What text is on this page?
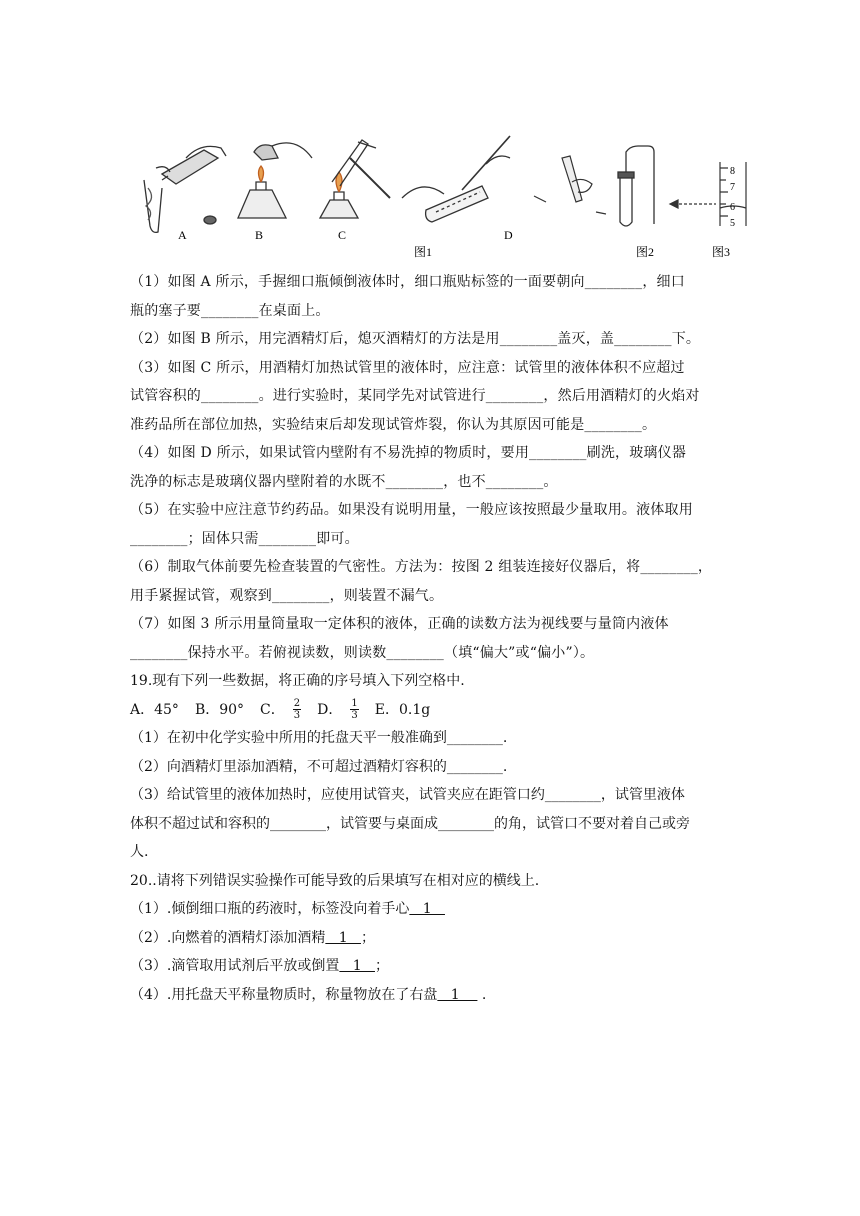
A	B	C	D
图1	图2
8
7
6
5
图3

（1）如图 A 所示，手握细口瓶倾倒液体时，细口瓶贴标签的一面要朝向________，细口

瓶的塞子要________在桌面上。

（2）如图 B 所示，用完酒精灯后，熄灭酒精灯的方法是用________盖灭，盖________下。

（3）如图 C 所示，用酒精灯加热试管里的液体时，应注意：试管里的液体体积不应超过

试管容积的________。进行实验时，某同学先对试管进行________，然后用酒精灯的火焰对

准药品所在部位加热，实验结束后却发现试管炸裂，你认为其原因可能是________。

（4）如图 D 所示，如果试管内壁附有不易洗掉的物质时，要用________刷洗，玻璃仪器

洗净的标志是玻璃仪器内壁附着的水既不________，也不________。

（5）在实验中应注意节约药品。如果没有说明用量，一般应该按照最少量取用。液体取用

________；固体只需________即可。

（6）制取气体前要先检查装置的气密性。方法为：按图 2 组装连接好仪器后，将________，

用手紧握试管，观察到________，则装置不漏气。

（7）如图 3 所示用量筒量取一定体积的液体，正确的读数方法为视线要与量筒内液体

________保持水平。若俯视读数，则读数________（填“偏大”或“偏小”）。

19.现有下列一些数据，将正确的序号填入下列空格中.

A．45° B．90° C． $\frac{2}{3}$ D． $\frac{1}{3}$ E．0.1g

（1）在初中化学实验中所用的托盘天平一般准确到________.

（2）向酒精灯里添加酒精，不可超过酒精灯容积的________.

（3）给试管里的液体加热时，应使用试管夹，试管夹应在距管口约________，试管里液体

体积不超过试和容积的________，试管要与桌面成________的角，试管口不要对着自己或旁

人.

20..请将下列错误实验操作可能导致的后果填写在相对应的横线上.

（1）.倾倒细口瓶的药液时，标签没向着手心   1

（2）.向燃着的酒精灯添加酒精   1   ；

（3）.滴管取用试剂后平放或倒置   1   ；

（4）.用托盘天平称量物质时，称量物放在了右盘   1     .
